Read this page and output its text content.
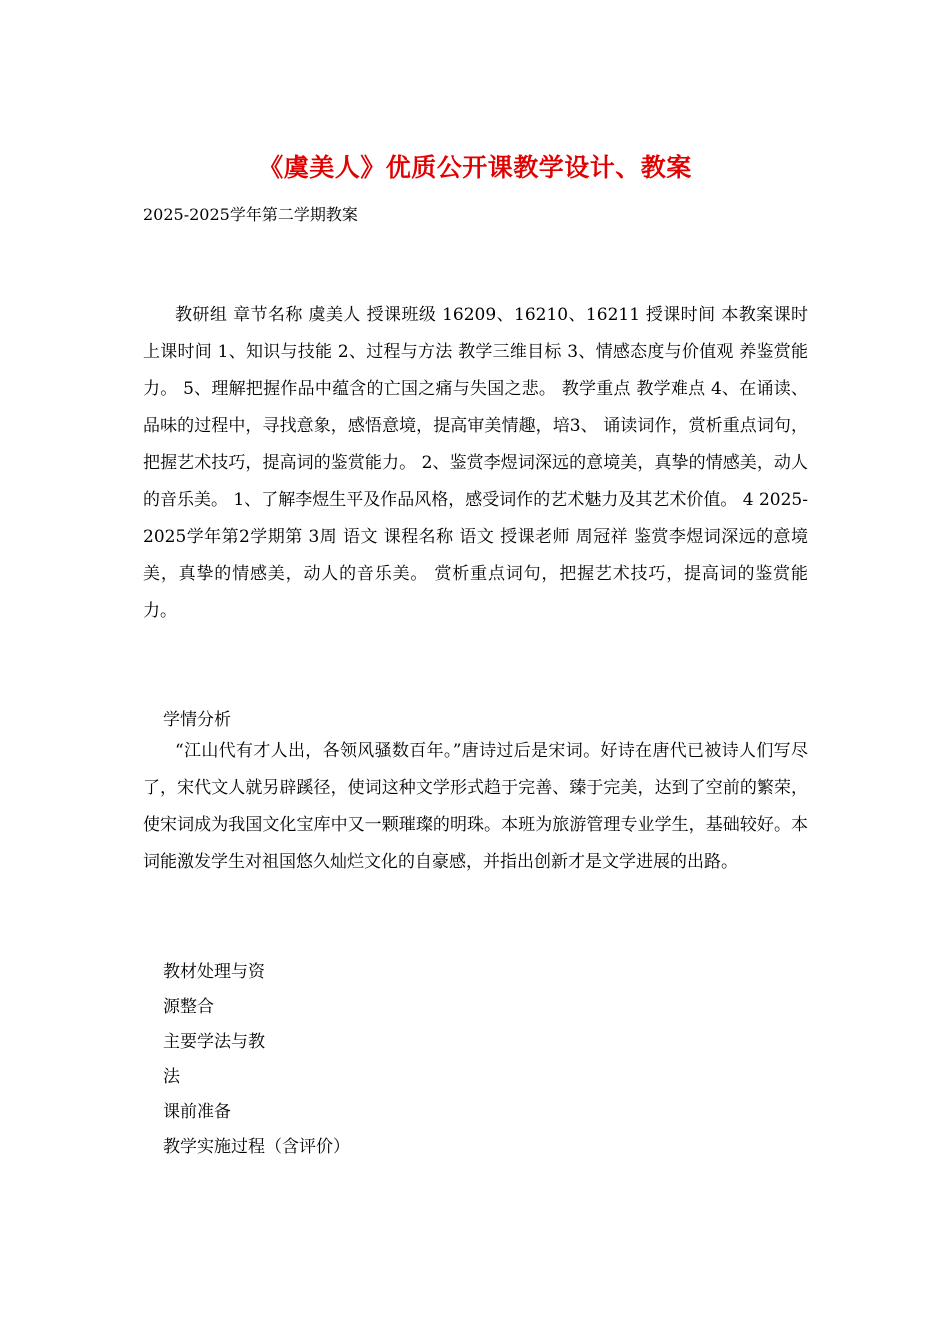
《虞美人》优质公开课教学设计、教案
2025-2025学年第二学期教案
教研组 章节名称 虞美人 授课班级 16209、16210、16211 授课时间 本教案课时 上课时间 1、知识与技能 2、过程与方法 教学三维目标 3、情感态度与价值观 养鉴赏能力。 5、理解把握作品中蕴含的亡国之痛与失国之悲。 教学重点 教学难点 4、在诵读、品味的过程中，寻找意象，感悟意境，提高审美情趣，培3、 诵读词作，赏析重点词句，把握艺术技巧，提高词的鉴赏能力。 2、鉴赏李煜词深远的意境美，真挚的情感美，动人的音乐美。 1、了解李煜生平及作品风格，感受词作的艺术魅力及其艺术价值。 4 2025-2025学年第2学期第 3周 语文 课程名称 语文 授课老师 周冠祥 鉴赏李煜词深远的意境美，真挚的情感美，动人的音乐美。 赏析重点词句，把握艺术技巧，提高词的鉴赏能力。
学情分析
“江山代有才人出，各领风骚数百年。”唐诗过后是宋词。好诗在唐代已被诗人们写尽了，宋代文人就另辟蹊径，使词这种文学形式趋于完善、臻于完美，达到了空前的繁荣，使宋词成为我国文化宝库中又一颗璀璨的明珠。本班为旅游管理专业学生，基础较好。本词能激发学生对祖国悠久灿烂文化的自豪感，并指出创新才是文学进展的出路。
教材处理与资
源整合
主要学法与教
法
课前准备
教学实施过程（含评价）
